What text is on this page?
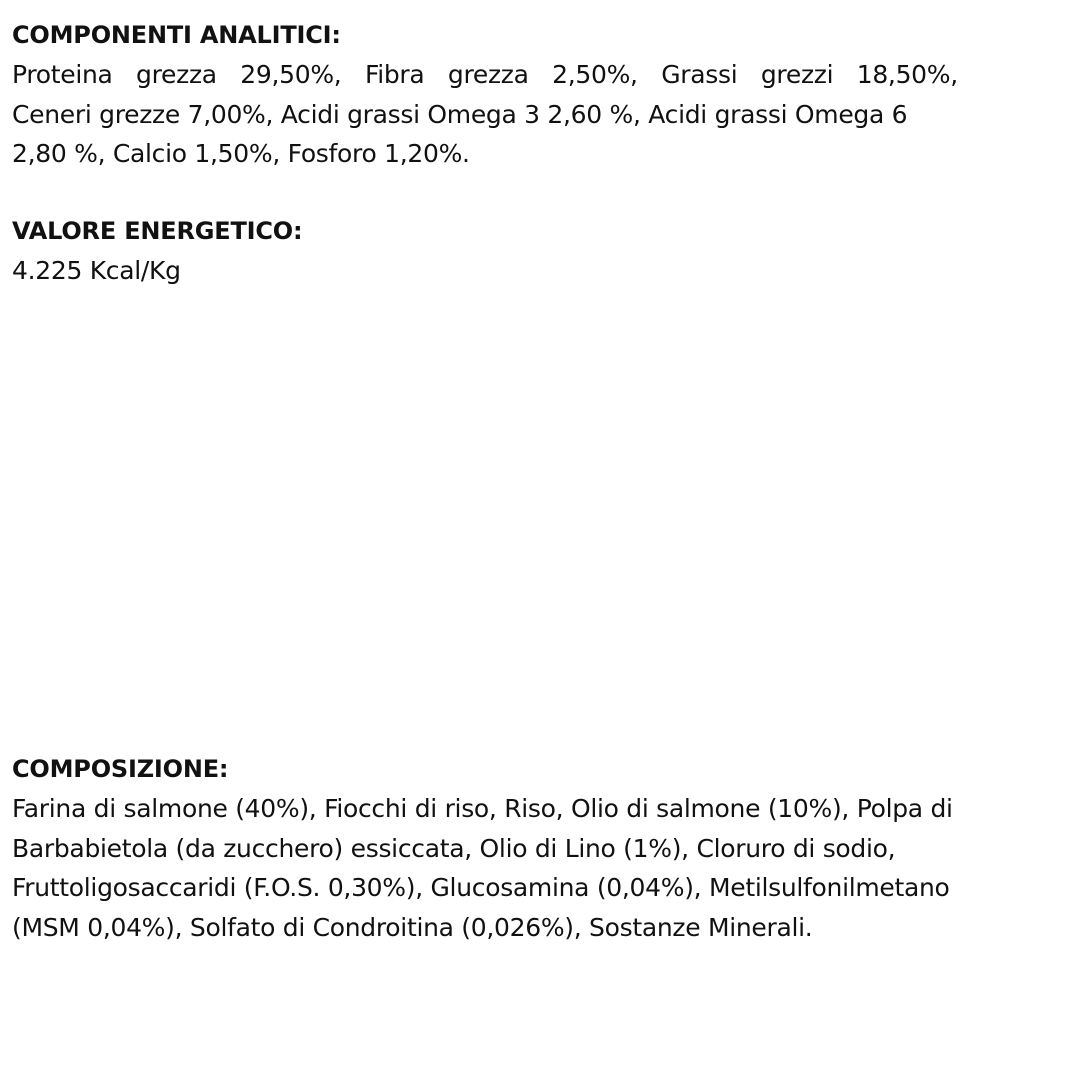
COMPONENTI ANALITICI:

Proteina grezza 29,50%, Fibra grezza 2,50%, Grassi grezzi 18,50%,

Ceneri grezze 7,00%, Acidi grassi Omega 3 2,60 %, Acidi grassi Omega 6

2,80 %, Calcio 1,50%, Fosforo 1,20%.

VALORE ENERGETICO:

4.225 Kcal/Kg

COMPOSIZIONE:

Farina di salmone (40%), Fiocchi di riso, Riso, Olio di salmone (10%), Polpa di

Barbabietola (da zucchero) essiccata, Olio di Lino (1%), Cloruro di sodio,

Fruttoligosaccaridi (F.O.S. 0,30%), Glucosamina (0,04%), Metilsulfonilmetano

(MSM 0,04%), Solfato di Condroitina (0,026%), Sostanze Minerali.
